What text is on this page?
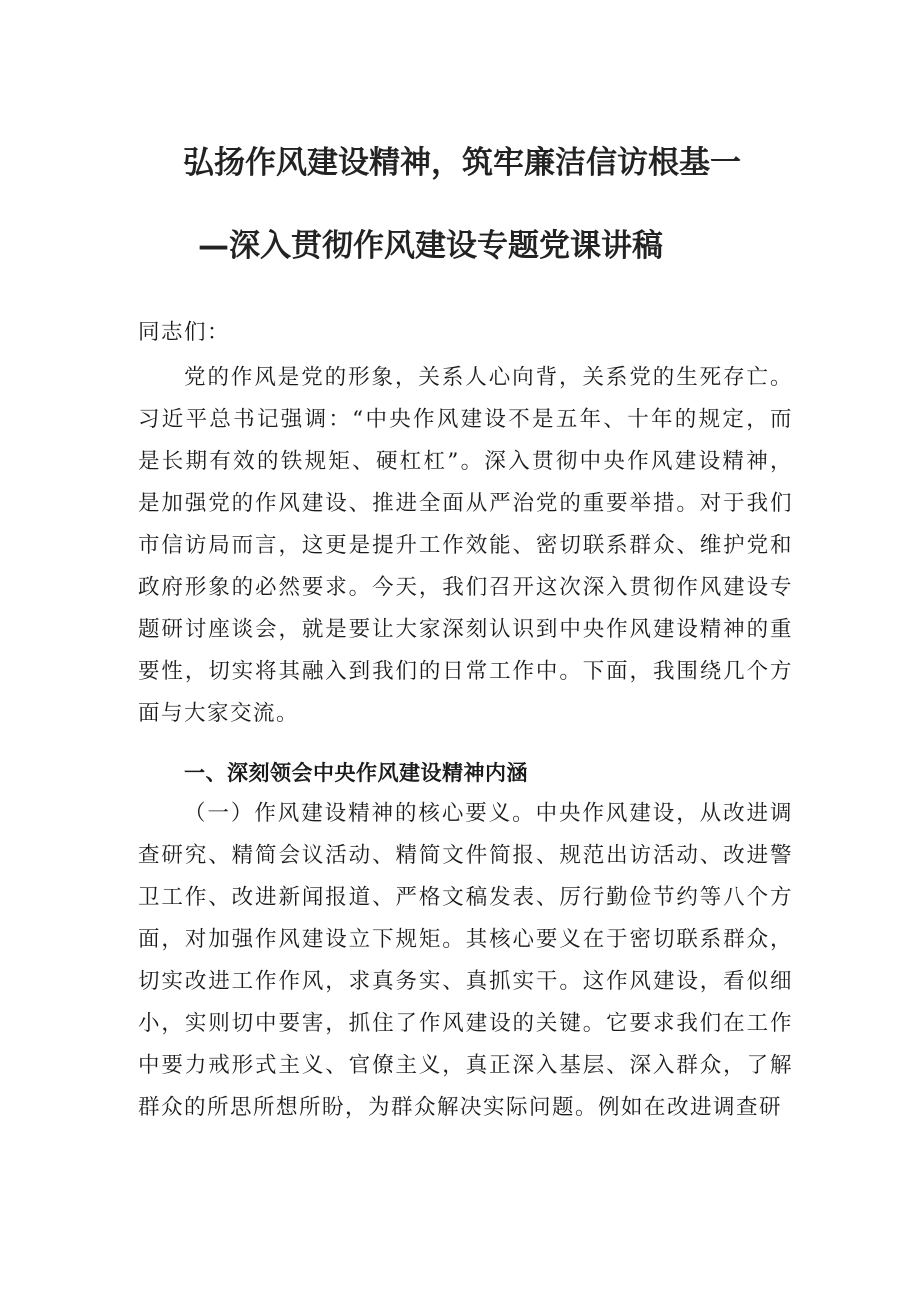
弘扬作风建设精神，筑牢廉洁信访根基一
—深入贯彻作风建设专题党课讲稿
同志们：
党的作风是党的形象，关系人心向背，关系党的生死存亡。习近平总书记强调：“中央作风建设不是五年、十年的规定，而是长期有效的铁规矩、硬杠杠”。深入贯彻中央作风建设精神，是加强党的作风建设、推进全面从严治党的重要举措。对于我们市信访局而言，这更是提升工作效能、密切联系群众、维护党和政府形象的必然要求。今天，我们召开这次深入贯彻作风建设专题研讨座谈会，就是要让大家深刻认识到中央作风建设精神的重要性，切实将其融入到我们的日常工作中。下面，我围绕几个方面与大家交流。
一、深刻领会中央作风建设精神内涵
（一）作风建设精神的核心要义。中央作风建设，从改进调查研究、精简会议活动、精简文件简报、规范出访活动、改进警卫工作、改进新闻报道、严格文稿发表、厉行勤俭节约等八个方面，对加强作风建设立下规矩。其核心要义在于密切联系群众，切实改进工作作风，求真务实、真抓实干。这作风建设，看似细小，实则切中要害，抓住了作风建设的关键。它要求我们在工作中要力戒形式主义、官僚主义，真正深入基层、深入群众，了解群众的所思所想所盼，为群众解决实际问题。例如在改进调查研
